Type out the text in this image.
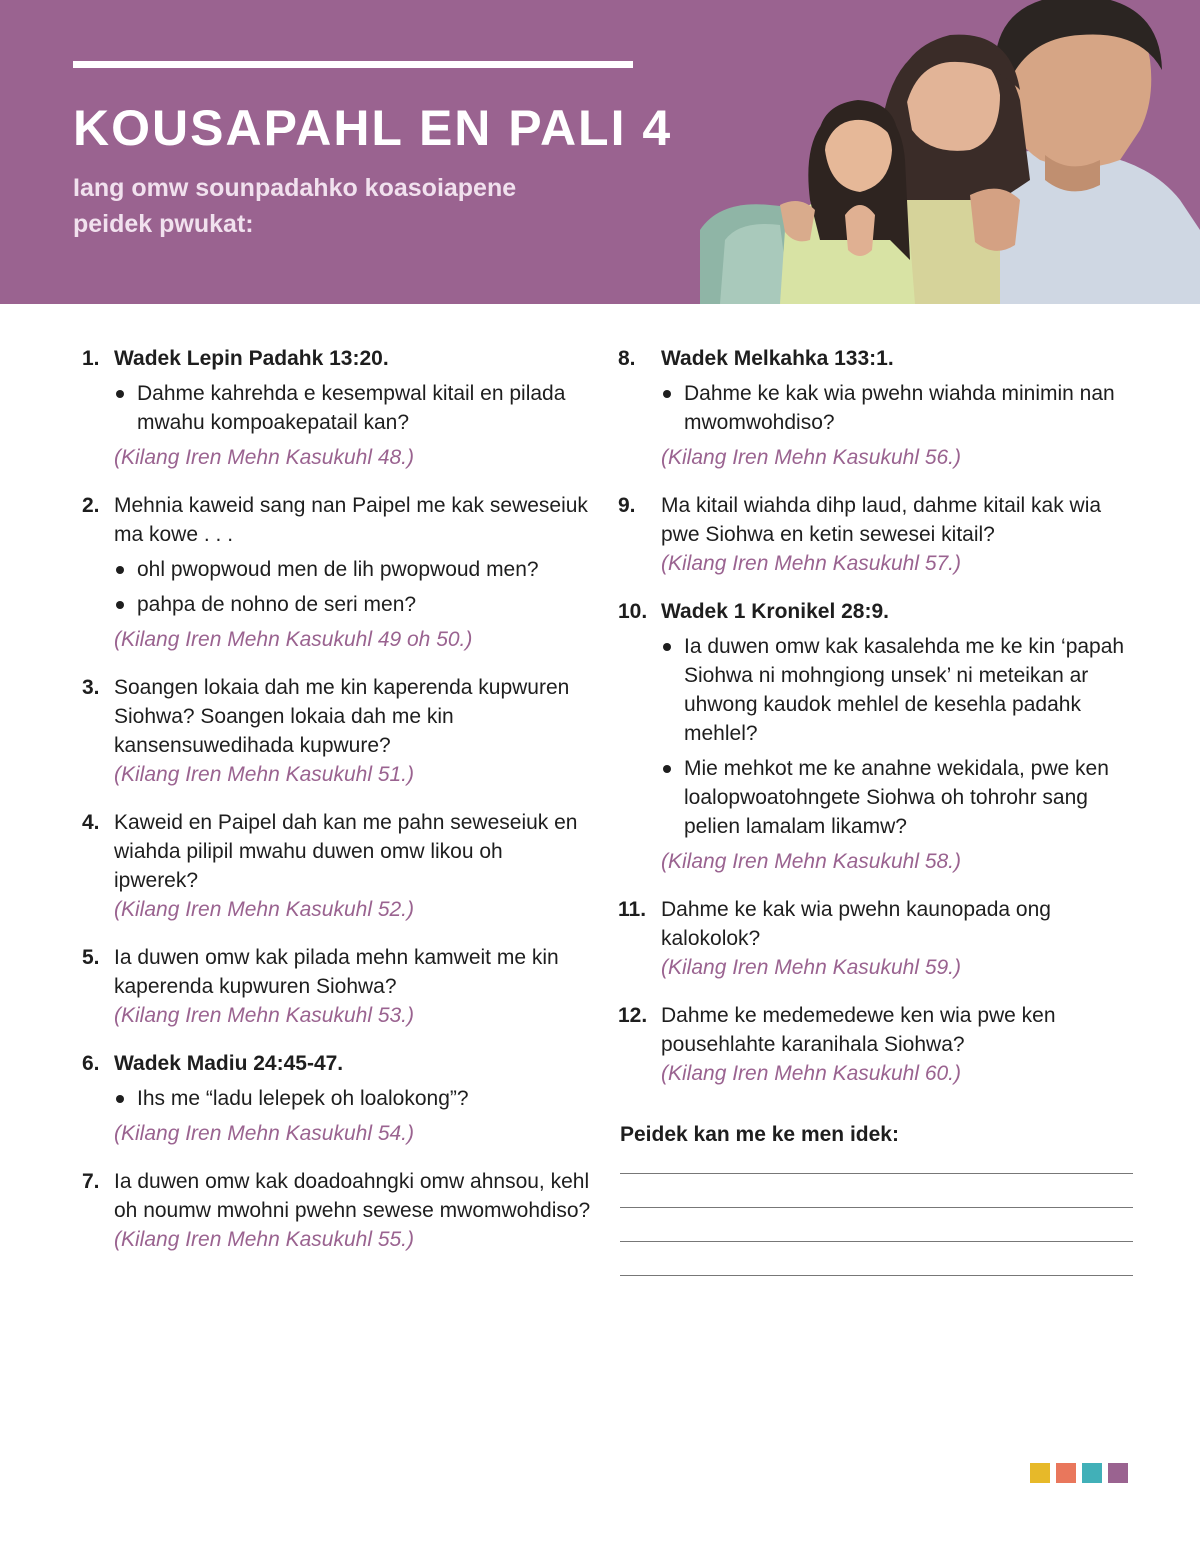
KOUSAPAHL EN PALI 4

Iang omw sounpadahko koasoiapene peidek pwukat:

1. Wadek Lepin Padahk 13:20.
Dahme kahrehda e kesempwal kitail en pilada mwahu kompoakepatail kan?
(Kilang Iren Mehn Kasukuhl 48.)
2. Mehnia kaweid sang nan Paipel me kak seweseiuk ma kowe . . .
ohl pwopwoud men de lih pwopwoud men?
pahpa de nohno de seri men?
(Kilang Iren Mehn Kasukuhl 49 oh 50.)
3. Soangen lokaia dah me kin kaperenda kupwuren Siohwa? Soangen lokaia dah me kin kansensuwedihada kupwure?
(Kilang Iren Mehn Kasukuhl 51.)
4. Kaweid en Paipel dah kan me pahn seweseiuk en wiahda pilipil mwahu duwen omw likou oh ipwerek?
(Kilang Iren Mehn Kasukuhl 52.)
5. Ia duwen omw kak pilada mehn kamweit me kin kaperenda kupwuren Siohwa?
(Kilang Iren Mehn Kasukuhl 53.)
6. Wadek Madiu 24:45-47.
Ihs me “ladu lelepek oh loalokong”?
(Kilang Iren Mehn Kasukuhl 54.)
7. Ia duwen omw kak doadoahngki omw ahnsou, kehl oh noumw mwohni pwehn sewese mwomwohdiso?
(Kilang Iren Mehn Kasukuhl 55.)
8. Wadek Melkahka 133:1.
Dahme ke kak wia pwehn wiahda minimin nan mwomwohdiso?
(Kilang Iren Mehn Kasukuhl 56.)
9. Ma kitail wiahda dihp laud, dahme kitail kak wia pwe Siohwa en ketin sewesei kitail?
(Kilang Iren Mehn Kasukuhl 57.)
10. Wadek 1 Kronikel 28:9.
Ia duwen omw kak kasalehda me ke kin ‘papah Siohwa ni mohngiong unsek’ ni meteikan ar uhwong kaudok mehlel de kesehla padahk mehlel?
Mie mehkot me ke anahne wekidala, pwe ken loalopwoatohngete Siohwa oh tohrohr sang pelien lamalam likamw?
(Kilang Iren Mehn Kasukuhl 58.)
11. Dahme ke kak wia pwehn kaunopada ong kalokolok?
(Kilang Iren Mehn Kasukuhl 59.)
12. Dahme ke medemedewe ken wia pwe ken pousehlahte karanihala Siohwa?
(Kilang Iren Mehn Kasukuhl 60.)
Peidek kan me ke men idek:
